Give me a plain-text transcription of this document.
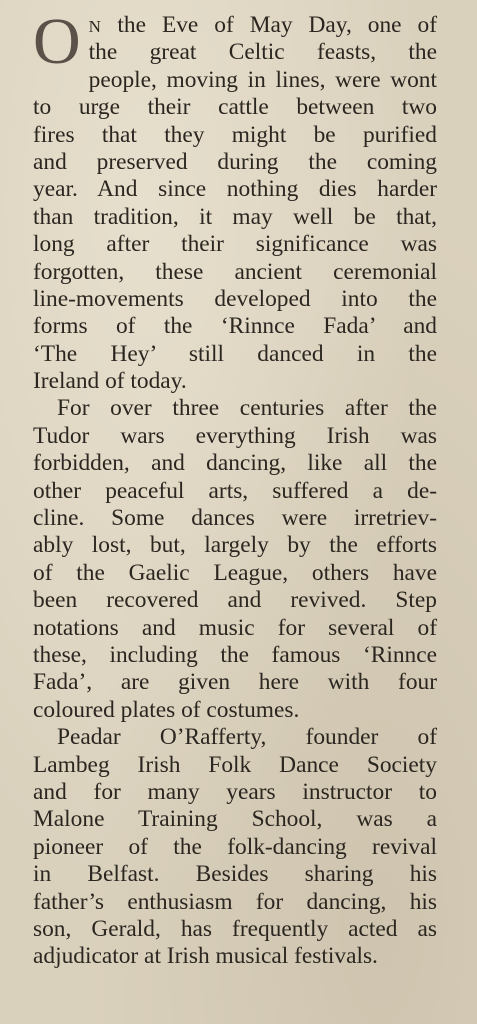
O N the Eve of May Day, one of
the great Celtic feasts, the
people, moving in lines, were wont
to urge their cattle between two
fires that they might be purified
and preserved during the coming
year. And since nothing dies harder
than tradition, it may well be that,
long after their significance was
forgotten, these ancient ceremonial
line-movements developed into the
forms of the ‘Rinnce Fada’ and
‘The Hey’ still danced in the
Ireland of today.
For over three centuries after the
Tudor wars everything Irish was
forbidden, and dancing, like all the
other peaceful arts, suffered a de-
cline. Some dances were irretriev-
ably lost, but, largely by the efforts
of the Gaelic League, others have
been recovered and revived. Step
notations and music for several of
these, including the famous ‘Rinnce
Fada’, are given here with four
coloured plates of costumes.
Peadar O’Rafferty, founder of
Lambeg Irish Folk Dance Society
and for many years instructor to
Malone Training School, was a
pioneer of the folk-dancing revival
in Belfast. Besides sharing his
father’s enthusiasm for dancing, his
son, Gerald, has frequently acted as
adjudicator at Irish musical festivals.
